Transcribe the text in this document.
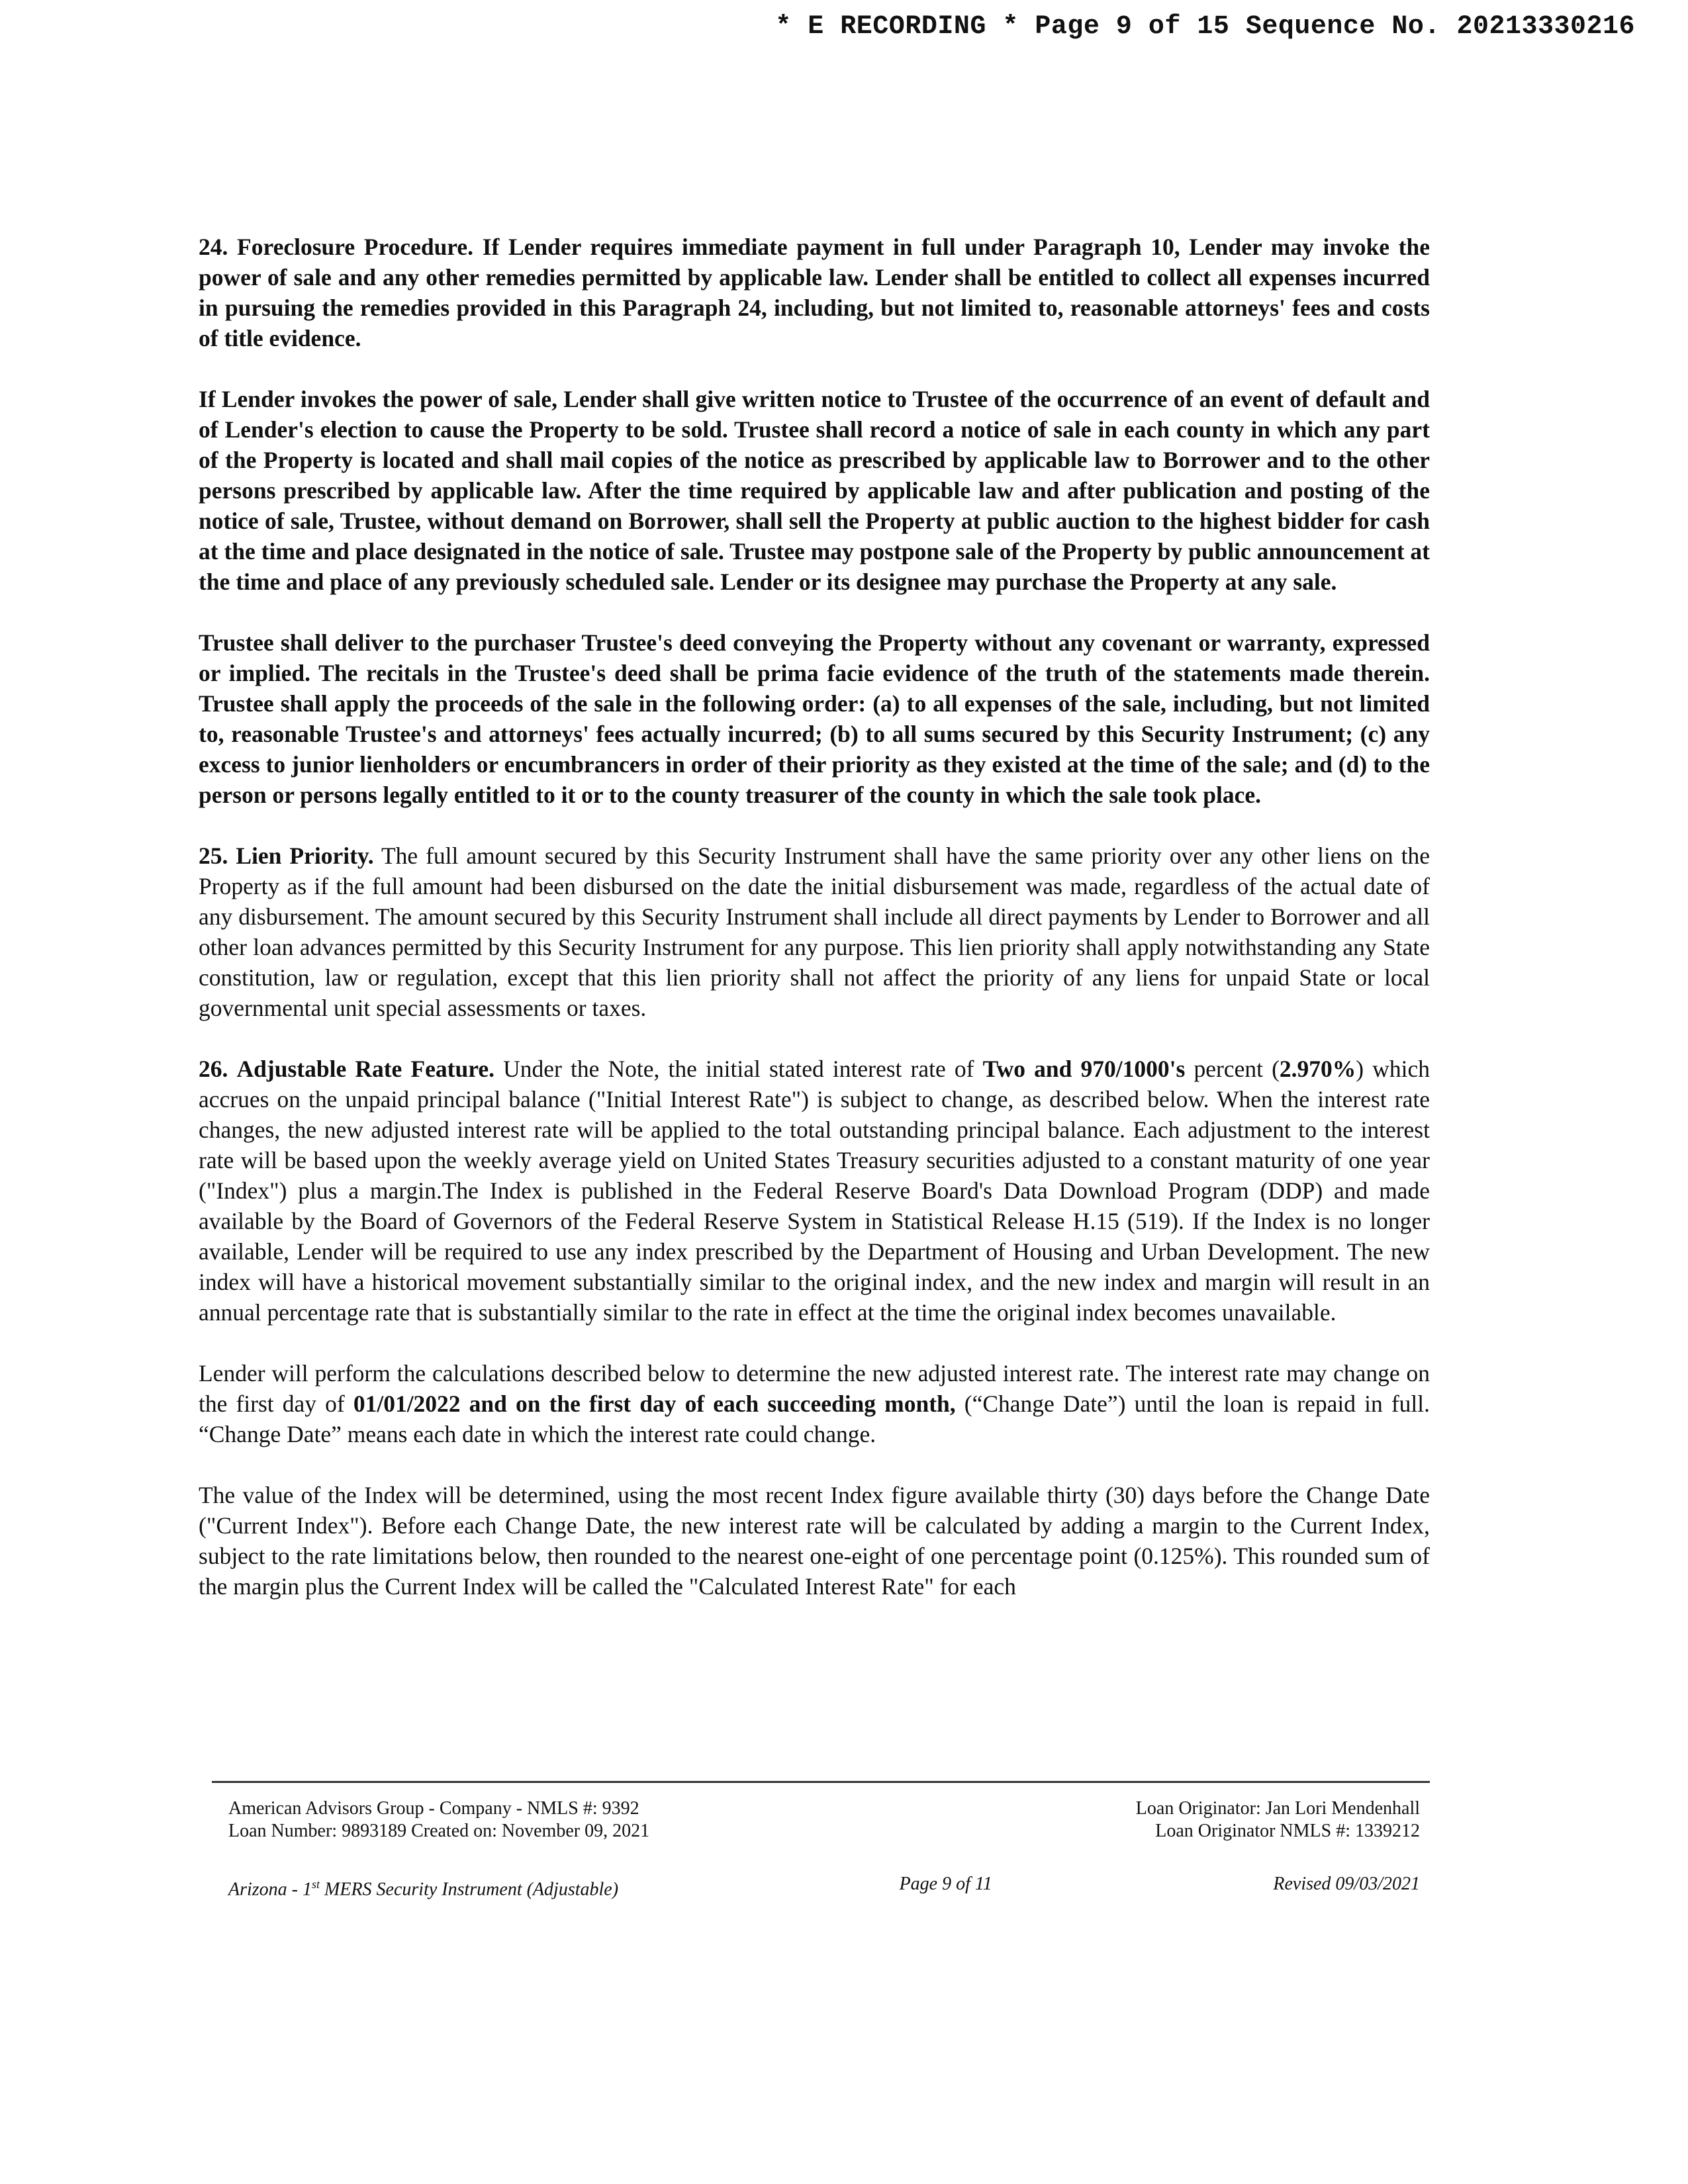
* E RECORDING * Page 9 of 15 Sequence No. 20213330216

24. Foreclosure Procedure. If Lender requires immediate payment in full under Paragraph 10, Lender may invoke the power of sale and any other remedies permitted by applicable law. Lender shall be entitled to collect all expenses incurred in pursuing the remedies provided in this Paragraph 24, including, but not limited to, reasonable attorneys' fees and costs of title evidence.

If Lender invokes the power of sale, Lender shall give written notice to Trustee of the occurrence of an event of default and of Lender's election to cause the Property to be sold. Trustee shall record a notice of sale in each county in which any part of the Property is located and shall mail copies of the notice as prescribed by applicable law to Borrower and to the other persons prescribed by applicable law. After the time required by applicable law and after publication and posting of the notice of sale, Trustee, without demand on Borrower, shall sell the Property at public auction to the highest bidder for cash at the time and place designated in the notice of sale. Trustee may postpone sale of the Property by public announcement at the time and place of any previously scheduled sale. Lender or its designee may purchase the Property at any sale.

Trustee shall deliver to the purchaser Trustee's deed conveying the Property without any covenant or warranty, expressed or implied. The recitals in the Trustee's deed shall be prima facie evidence of the truth of the statements made therein. Trustee shall apply the proceeds of the sale in the following order: (a) to all expenses of the sale, including, but not limited to, reasonable Trustee's and attorneys' fees actually incurred; (b) to all sums secured by this Security Instrument; (c) any excess to junior lienholders or encumbrancers in order of their priority as they existed at the time of the sale; and (d) to the person or persons legally entitled to it or to the county treasurer of the county in which the sale took place.

25. Lien Priority. The full amount secured by this Security Instrument shall have the same priority over any other liens on the Property as if the full amount had been disbursed on the date the initial disbursement was made, regardless of the actual date of any disbursement. The amount secured by this Security Instrument shall include all direct payments by Lender to Borrower and all other loan advances permitted by this Security Instrument for any purpose. This lien priority shall apply notwithstanding any State constitution, law or regulation, except that this lien priority shall not affect the priority of any liens for unpaid State or local governmental unit special assessments or taxes.

26. Adjustable Rate Feature. Under the Note, the initial stated interest rate of Two and 970/1000's percent (2.970%) which accrues on the unpaid principal balance ("Initial Interest Rate") is subject to change, as described below. When the interest rate changes, the new adjusted interest rate will be applied to the total outstanding principal balance. Each adjustment to the interest rate will be based upon the weekly average yield on United States Treasury securities adjusted to a constant maturity of one year ("Index") plus a margin.The Index is published in the Federal Reserve Board's Data Download Program (DDP) and made available by the Board of Governors of the Federal Reserve System in Statistical Release H.15 (519). If the Index is no longer available, Lender will be required to use any index prescribed by the Department of Housing and Urban Development. The new index will have a historical movement substantially similar to the original index, and the new index and margin will result in an annual percentage rate that is substantially similar to the rate in effect at the time the original index becomes unavailable.

Lender will perform the calculations described below to determine the new adjusted interest rate. The interest rate may change on the first day of 01/01/2022 and on the first day of each succeeding month, (“Change Date”) until the loan is repaid in full. “Change Date” means each date in which the interest rate could change.

The value of the Index will be determined, using the most recent Index figure available thirty (30) days before the Change Date ("Current Index"). Before each Change Date, the new interest rate will be calculated by adding a margin to the Current Index, subject to the rate limitations below, then rounded to the nearest one-eight of one percentage point (0.125%). This rounded sum of the margin plus the Current Index will be called the "Calculated Interest Rate" for each

American Advisors Group - Company - NMLS #: 9392
Loan Number: 9893189 Created on: November 09, 2021
Loan Originator: Jan Lori Mendenhall
Loan Originator NMLS #: 1339212
Arizona - 1st MERS Security Instrument (Adjustable)	Page 9 of 11	Revised 09/03/2021
